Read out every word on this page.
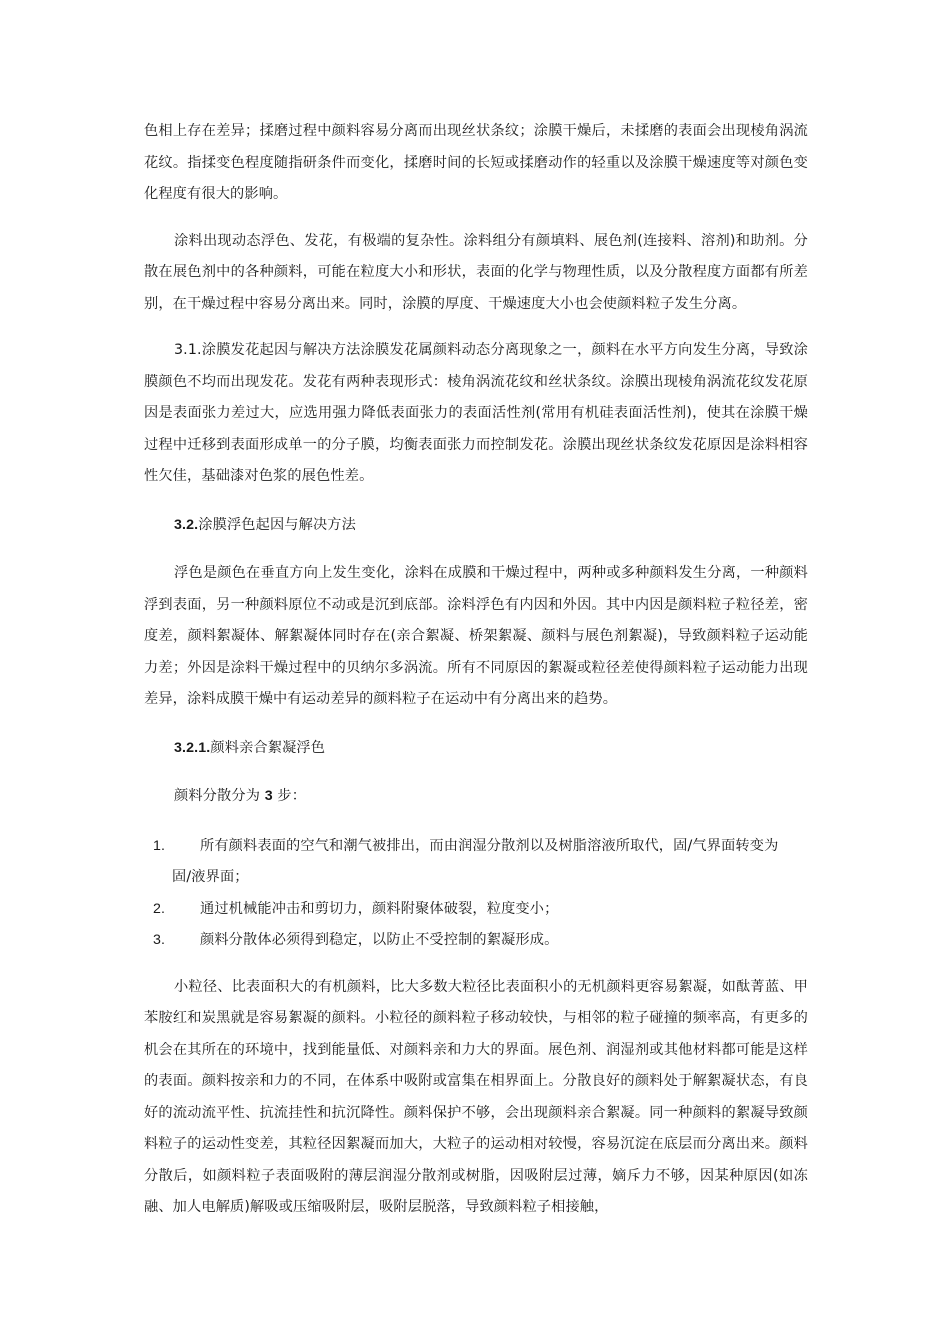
色相上存在差异；揉磨过程中颜料容易分离而出现丝状条纹；涂膜干燥后，未揉磨的表面会出现棱角涡流花纹。指揉变色程度随指研条件而变化，揉磨时间的长短或揉磨动作的轻重以及涂膜干燥速度等对颜色变化程度有很大的影响。

涂料出现动态浮色、发花，有极端的复杂性。涂料组分有颜填料、展色剂(连接料、溶剂)和助剂。分散在展色剂中的各种颜料，可能在粒度大小和形状，表面的化学与物理性质，以及分散程度方面都有所差别，在干燥过程中容易分离出来。同时，涂膜的厚度、干燥速度大小也会使颜料粒子发生分离。

3.1.涂膜发花起因与解决方法涂膜发花属颜料动态分离现象之一，颜料在水平方向发生分离，导致涂膜颜色不均而出现发花。发花有两种表现形式：棱角涡流花纹和丝状条纹。涂膜出现棱角涡流花纹发花原因是表面张力差过大，应选用强力降低表面张力的表面活性剂(常用有机硅表面活性剂)，使其在涂膜干燥过程中迁移到表面形成单一的分子膜，均衡表面张力而控制发花。涂膜出现丝状条纹发花原因是涂料相容性欠佳，基础漆对色浆的展色性差。

3.2.涂膜浮色起因与解决方法

浮色是颜色在垂直方向上发生变化，涂料在成膜和干燥过程中，两种或多种颜料发生分离，一种颜料浮到表面，另一种颜料原位不动或是沉到底部。涂料浮色有内因和外因。其中内因是颜料粒子粒径差，密度差，颜料絮凝体、解絮凝体同时存在(亲合絮凝、桥架絮凝、颜料与展色剂絮凝)，导致颜料粒子运动能力差；外因是涂料干燥过程中的贝纳尔多涡流。所有不同原因的絮凝或粒径差使得颜料粒子运动能力出现差异，涂料成膜干燥中有运动差异的颜料粒子在运动中有分离出来的趋势。

3.2.1.颜料亲合絮凝浮色

颜料分散分为 3 步：

1. 所有颜料表面的空气和潮气被排出，而由润湿分散剂以及树脂溶液所取代，固/气界面转变为
固/液界面；
2. 通过机械能冲击和剪切力，颜料附聚体破裂，粒度变小；
3. 颜料分散体必须得到稳定，以防止不受控制的絮凝形成。

小粒径、比表面积大的有机颜料，比大多数大粒径比表面积小的无机颜料更容易絮凝，如酞菁蓝、甲苯胺红和炭黑就是容易絮凝的颜料。小粒径的颜料粒子移动较快，与相邻的粒子碰撞的频率高，有更多的机会在其所在的环境中，找到能量低、对颜料亲和力大的界面。展色剂、润湿剂或其他材料都可能是这样的表面。颜料按亲和力的不同，在体系中吸附或富集在相界面上。分散良好的颜料处于解絮凝状态，有良好的流动流平性、抗流挂性和抗沉降性。颜料保护不够，会出现颜料亲合絮凝。同一种颜料的絮凝导致颜料粒子的运动性变差，其粒径因絮凝而加大，大粒子的运动相对较慢，容易沉淀在底层而分离出来。颜料分散后，如颜料粒子表面吸附的薄层润湿分散剂或树脂，因吸附层过薄，嫡斥力不够，因某种原因(如冻融、加人电解质)解吸或压缩吸附层，吸附层脱落，导致颜料粒子相接触，
